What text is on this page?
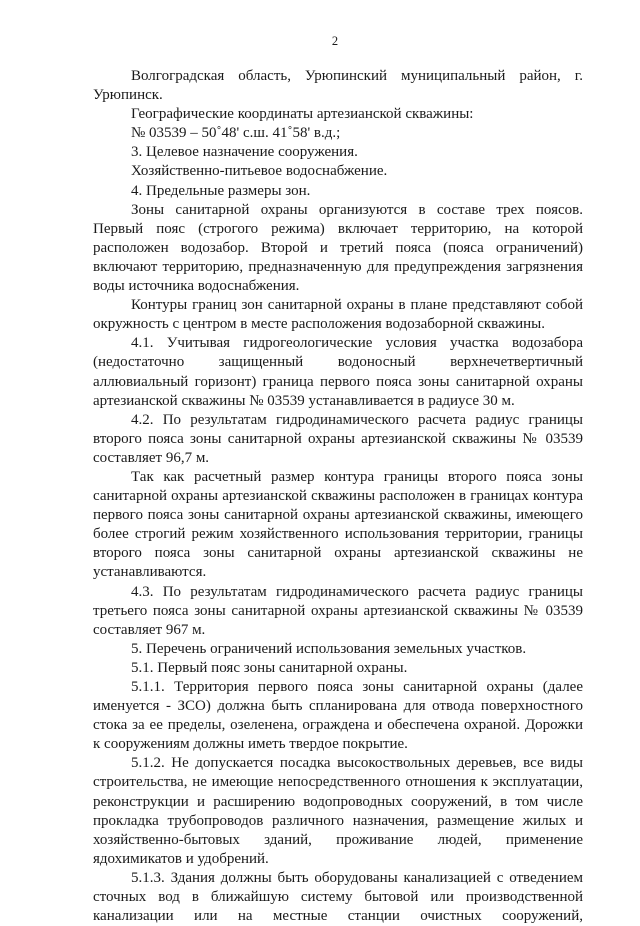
2

Волгоградская область, Урюпинский муниципальный район, г. Урюпинск.

Географические координаты артезианской скважины:

№ 03539 – 50˚48' с.ш. 41˚58' в.д.;

3. Целевое назначение сооружения.

Хозяйственно-питьевое водоснабжение.

4. Предельные размеры зон.

Зоны санитарной охраны организуются в составе трех поясов. Первый пояс (строгого режима) включает территорию, на которой расположен водозабор. Второй и третий пояса (пояса ограничений) включают территорию, предназначенную для предупреждения загрязнения воды источника водоснабжения.

Контуры границ зон санитарной охраны в плане представляют собой окружность с центром в месте расположения водозаборной скважины.

4.1. Учитывая гидрогеологические условия участка водозабора (недостаточно защищенный водоносный верхнечетвертичный аллювиальный горизонт) граница первого пояса зоны санитарной охраны артезианской скважины № 03539 устанавливается в радиусе 30 м.

4.2. По результатам гидродинамического расчета радиус границы второго пояса зоны санитарной охраны артезианской скважины № 03539 составляет 96,7 м.

Так как расчетный размер контура границы второго пояса зоны санитарной охраны артезианской скважины расположен в границах контура первого пояса зоны санитарной охраны артезианской скважины, имеющего более строгий режим хозяйственного использования территории, границы второго пояса зоны санитарной охраны артезианской скважины не устанавливаются.

4.3. По результатам гидродинамического расчета радиус границы третьего пояса зоны санитарной охраны артезианской скважины № 03539 составляет 967 м.

5. Перечень ограничений использования земельных участков.

5.1. Первый пояс зоны санитарной охраны.

5.1.1. Территория первого пояса зоны санитарной охраны (далее именуется - ЗСО) должна быть спланирована для отвода поверхностного стока за ее пределы, озеленена, ограждена и обеспечена охраной. Дорожки к сооружениям должны иметь твердое покрытие.

5.1.2. Не допускается посадка высокоствольных деревьев, все виды строительства, не имеющие непосредственного отношения к эксплуатации, реконструкции и расширению водопроводных сооружений, в том числе прокладка трубопроводов различного назначения, размещение жилых и хозяйственно-бытовых зданий, проживание людей, применение ядохимикатов и удобрений.

5.1.3. Здания должны быть оборудованы канализацией с отведением сточных вод в ближайшую систему бытовой или производственной канализации или на местные станции очистных сооружений,
